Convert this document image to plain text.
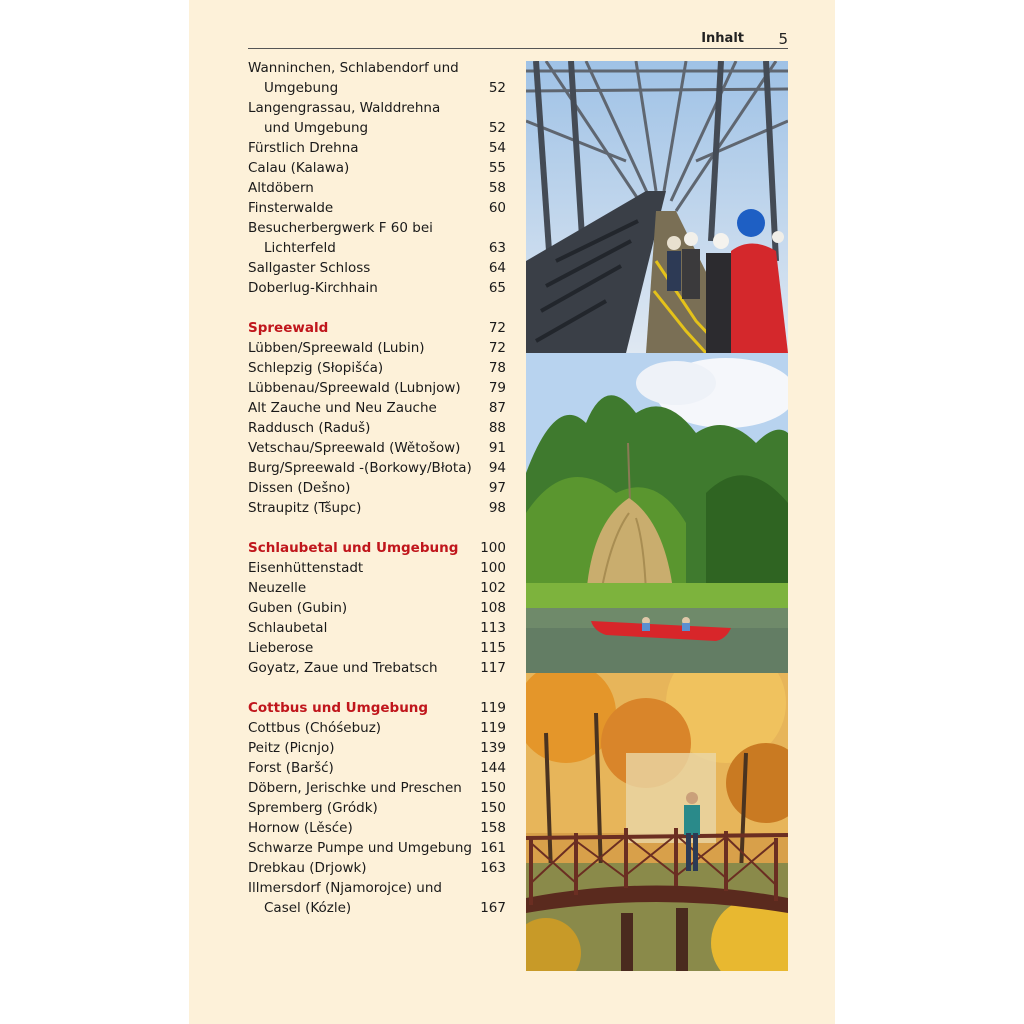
Inhalt 5
Wanninchen, Schlabendorf und
Umgebung	52
Langengrassau, Walddrehna
und Umgebung	52
Fürstlich Drehna	54
Calau (Kalawa)	55
Altdöbern	58
Finsterwalde	60
Besucherbergwerk F 60 bei
Lichterfeld	63
Sallgaster Schloss	64
Doberlug-Kirchhain	65
Spreewald	72
Lübben/Spreewald (Lubin)	72
Schlepzig (Słopišća)	78
Lübbenau/Spreewald (Lubnjow) 79
Alt Zauche und Neu Zauche	87
Raddusch (Raduš)	88
Vetschau/Spreewald (Wětošow) 91
Burg/Spreewald -(Borkowy/Błota) 94
Dissen (Dešno)	97
Straupitz (Tšupc)	98
Schlaubetal und Umgebung 100
Eisenhüttenstadt	100
Neuzelle	102
Guben (Gubin)	108
Schlaubetal	113
Lieberose	115
Goyatz, Zaue und Trebatsch	117
Cottbus und Umgebung	119
Cottbus (Chóśebuz)	119
Peitz (Picnjo)	139
Forst (Baršć)	144
Döbern, Jerischke und Preschen 150
Spremberg (Gródk)	150
Hornow (Lěsće)	158
Schwarze Pumpe und Umgebung 161
Drebkau (Drjowk)	163
Illmersdorf (Njamorojce) und
Casel (Kózle)	167
